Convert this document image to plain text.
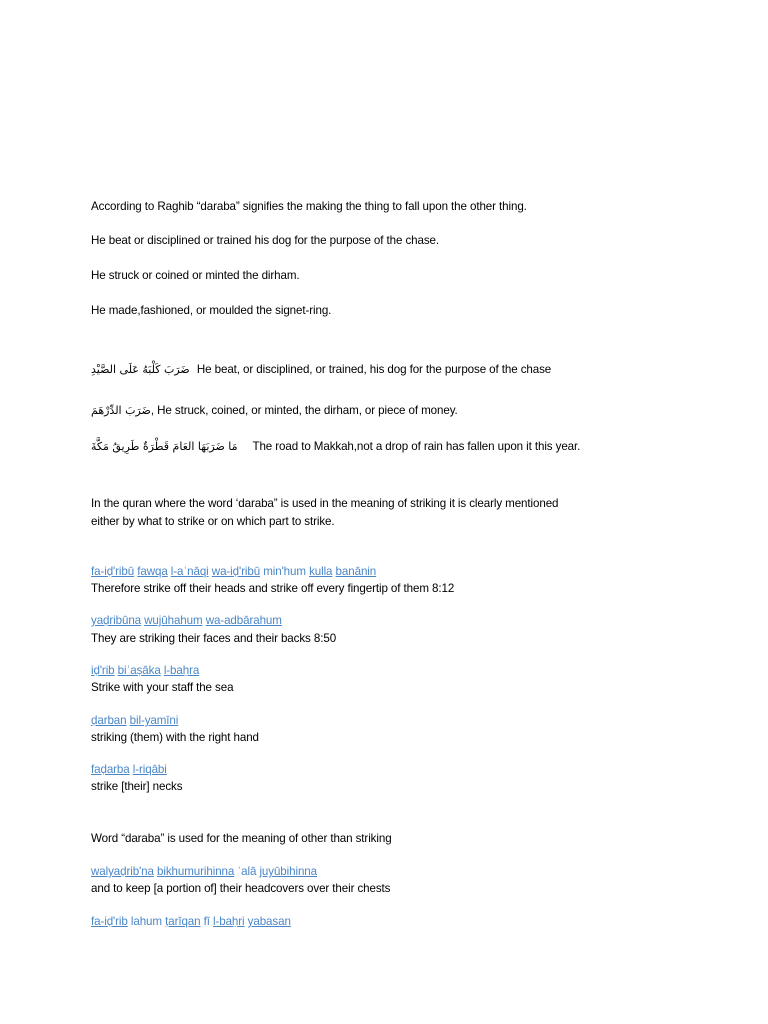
According to Raghib “daraba” signifies the making the thing to fall upon the other thing.
He beat or disciplined or trained his dog for the purpose of the chase.
He struck or coined or minted the dirham.
He made,fashioned, or moulded the signet-ring.
ضَرَبَ كَلْبَهُ عَلَى الصَّيْدِ He beat, or disciplined, or trained, his dog for the purpose of the chase
ضَرَبَ الدِّرْهَمَ, He struck, coined, or minted, the dirham, or piece of money.
مَا ضَرَبَهَا العَامَ قَطْرَةٌ طَرِيقُ مَكَّةَ The road to Makkah,not a drop of rain has fallen upon it this year.
In the quran where the word ‘daraba” is used in the meaning of striking it is clearly mentioned
either by what to strike or on which part to strike.
fa-iḍ'ribū fawqa l-aʿnāqi wa-iḍ'ribū min'hum kulla banānin
Therefore strike off their heads and strike off every fingertip of them 8:12
yaḍribūna wujūhahum wa-adbārahum
They are striking their faces and their backs 8:50
iḍ'rib biʿaṣāka l-baḥra
Strike with your staff the sea
ḍarban bil-yamīni
striking (them) with the right hand
faḍarba l-riqābi
strike [their] necks
Word “daraba” is used for the meaning of other than striking
walyaḍrib'na bikhumurihinna ʿalā juyūbihinna
and to keep [a portion of] their headcovers over their chests
fa-iḍ'rib lahum ṭarīqan fī l-baḥri yabasan
